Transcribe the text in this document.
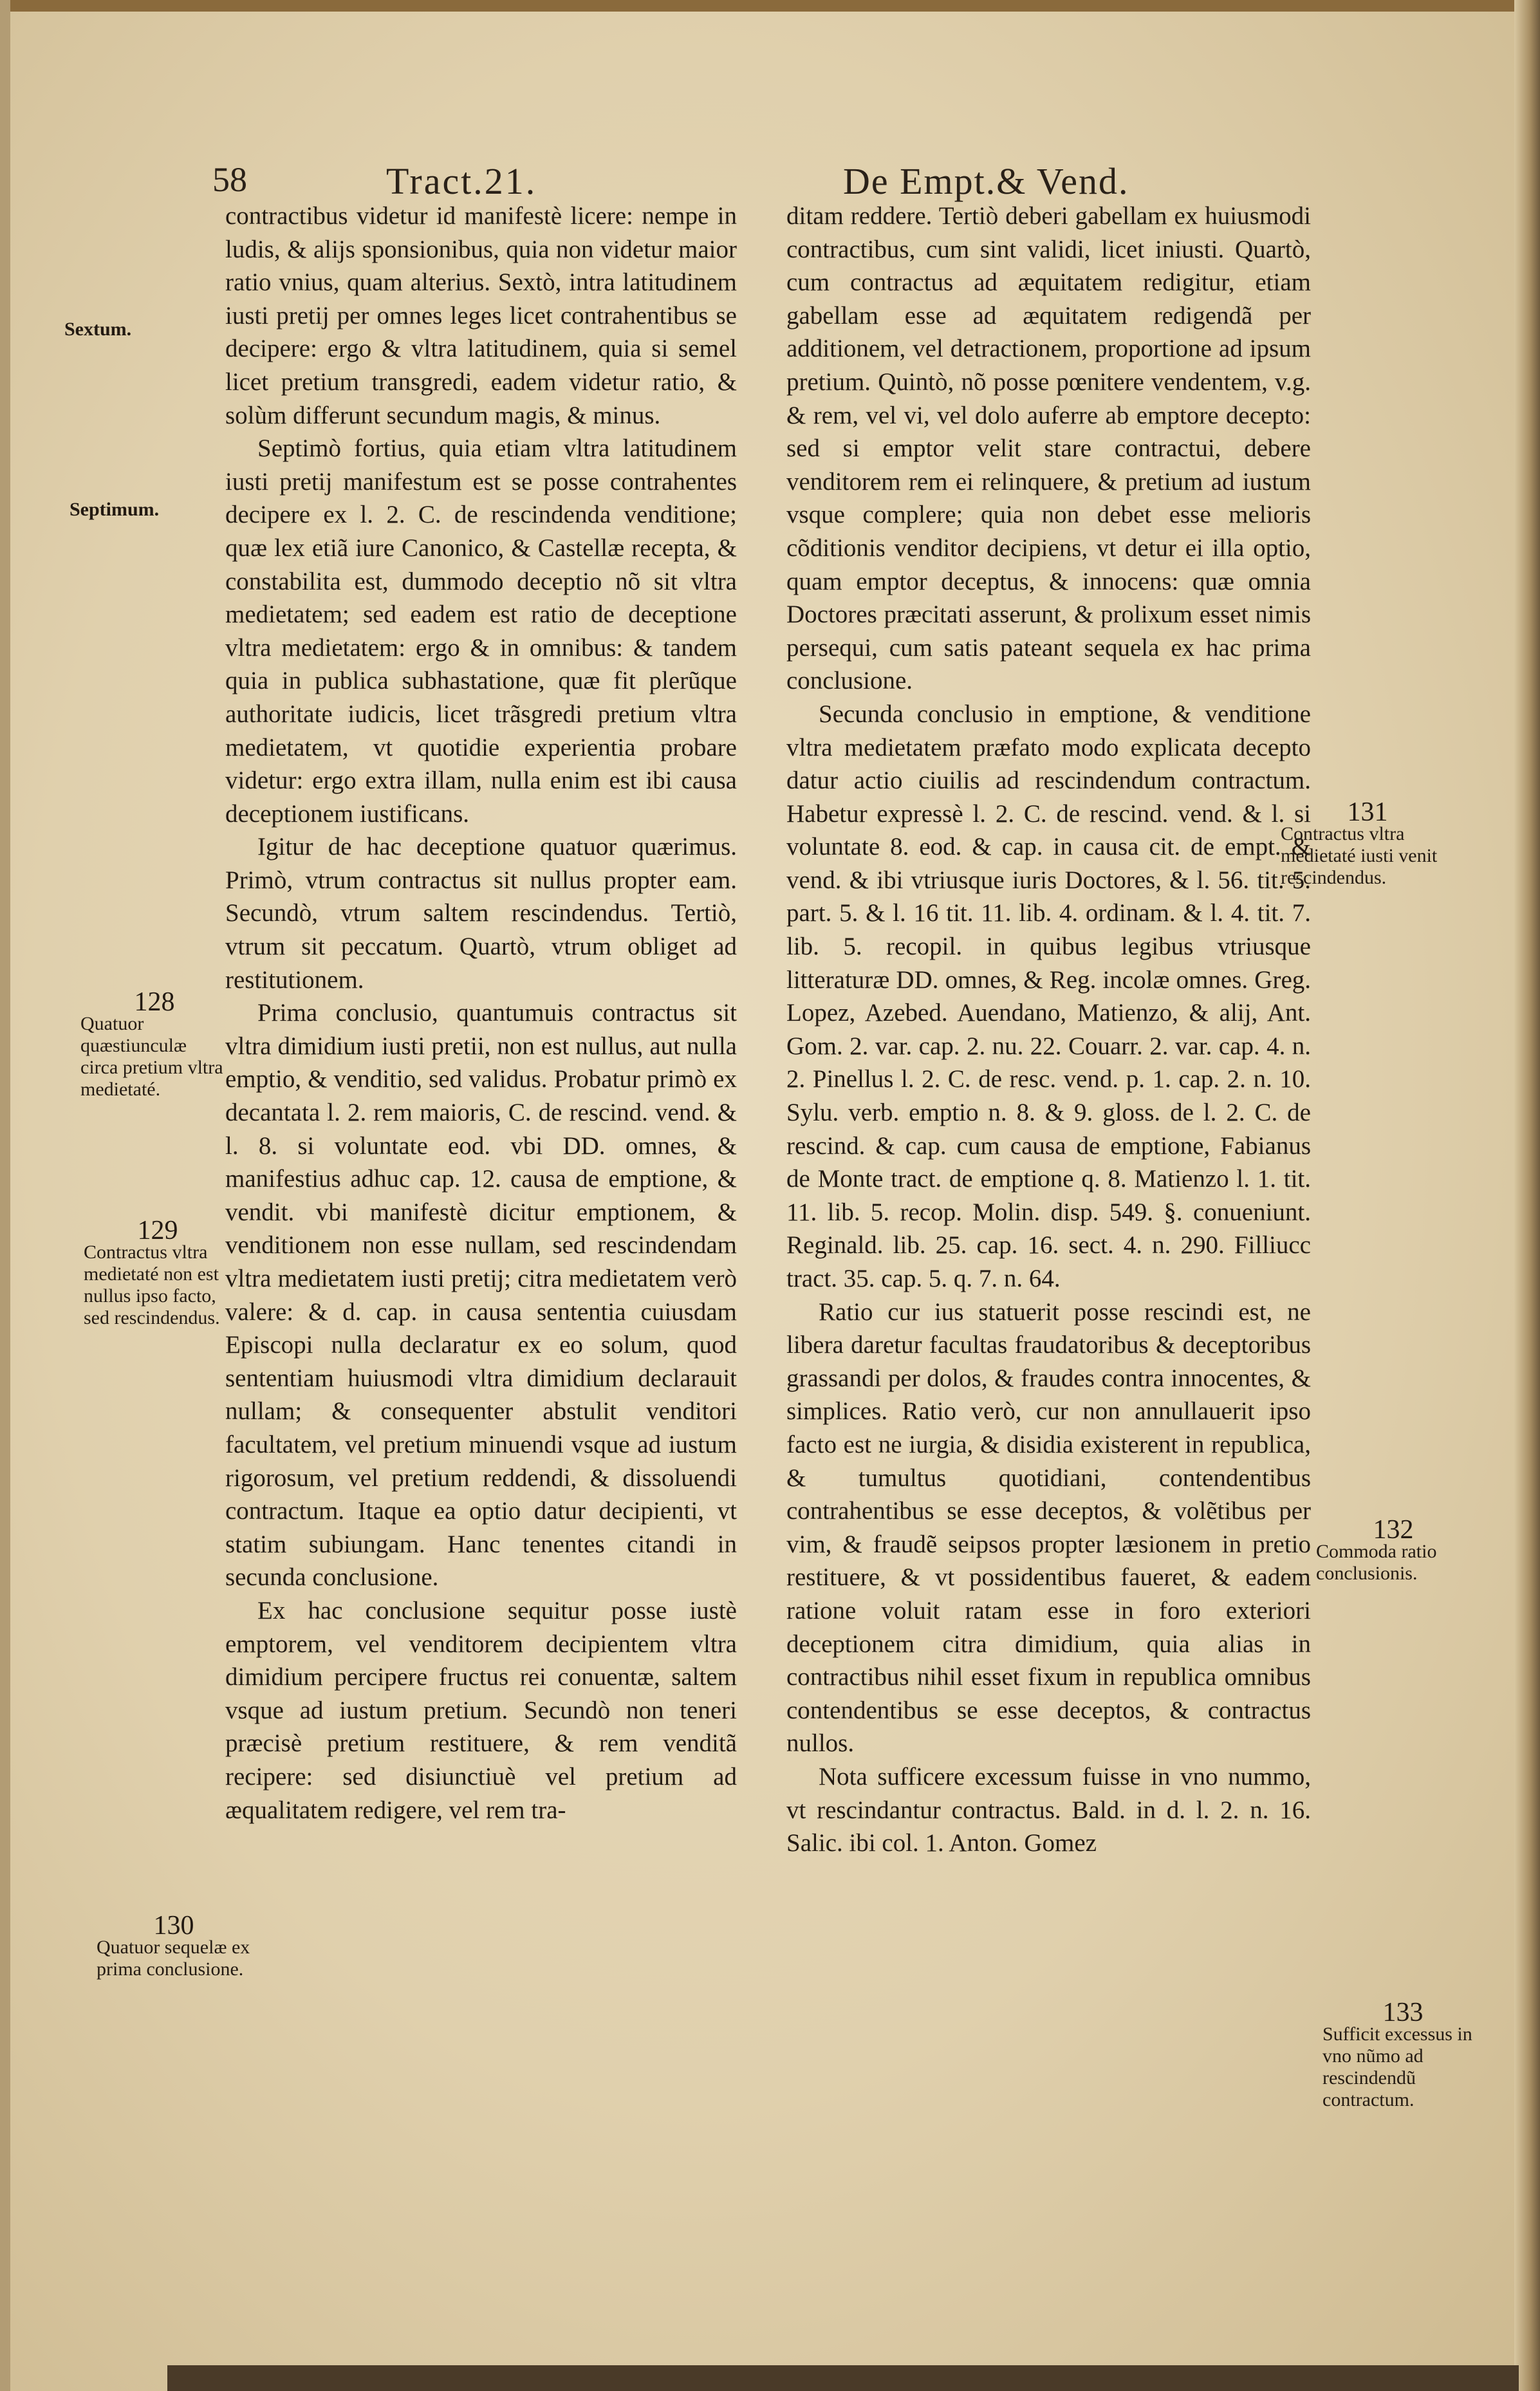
58	Tract.21.	De Empt.& Vend.

contractibus videtur id manifestè licere: nempe in ludis, & alijs sponsionibus, quia non videtur maior ratio vnius, quam alterius. Sextò, intra latitudinem iusti pretij per omnes leges licet contrahentibus se decipere: ergo & vltra latitudinem, quia si semel licet pretium transgredi, eadem videtur ratio, & solùm differunt secundum magis, & minus.

Septimò fortius, quia etiam vltra latitudinem iusti pretij manifestum est se posse contrahentes decipere ex l. 2. C. de rescindenda venditione; quæ lex etiã iure Canonico, & Castellæ recepta, & constabilita est, dummodo deceptio nõ sit vltra medietatem; sed eadem est ratio de deceptione vltra medietatem: ergo & in omnibus: & tandem quia in publica subhastatione, quæ fit plerũque authoritate iudicis, licet trãsgredi pretium vltra medietatem, vt quotidie experientia probare videtur: ergo extra illam, nulla enim est ibi causa deceptionem iustificans.

Igitur de hac deceptione quatuor quærimus. Primò, vtrum contractus sit nullus propter eam. Secundò, vtrum saltem rescindendus. Tertiò, vtrum sit peccatum. Quartò, vtrum obliget ad restitutionem.

Prima conclusio, quantumuis contractus sit vltra dimidium iusti pretii, non est nullus, aut nulla emptio, & venditio, sed validus. Probatur primò ex decantata l. 2. rem maioris, C. de rescind. vend. & l. 8. si voluntate eod. vbi DD. omnes, & manifestius adhuc cap. 12. causa de emptione, & vendit. vbi manifestè dicitur emptionem, & venditionem non esse nullam, sed rescindendam vltra medietatem iusti pretij; citra medietatem verò valere: & d. cap. in causa sententia cuiusdam Episcopi nulla declaratur ex eo solum, quod sententiam huiusmodi vltra dimidium declarauit nullam; & consequenter abstulit venditori facultatem, vel pretium minuendi vsque ad iustum rigorosum, vel pretium reddendi, & dissoluendi contractum. Itaque ea optio datur decipienti, vt statim subiungam. Hanc tenentes citandi in secunda conclusione.

Ex hac conclusione sequitur posse iustè emptorem, vel venditorem decipientem vltra dimidium percipere fructus rei conuentæ, saltem vsque ad iustum pretium. Secundò non teneri præcisè pretium restituere, & rem venditã recipere: sed disiunctiuè vel pretium ad æqualitatem redigere, vel rem tra-

ditam reddere. Tertiò deberi gabellam ex huiusmodi contractibus, cum sint validi, licet iniusti. Quartò, cum contractus ad æquitatem redigitur, etiam gabellam esse ad æquitatem redigendã per additionem, vel detractionem, proportione ad ipsum pretium. Quintò, nõ posse pœnitere vendentem, v.g. & rem, vel vi, vel dolo auferre ab emptore decepto: sed si emptor velit stare contractui, debere venditorem rem ei relinquere, & pretium ad iustum vsque complere; quia non debet esse melioris cõditionis venditor decipiens, vt detur ei illa optio, quam emptor deceptus, & innocens: quæ omnia Doctores præcitati asserunt, & prolixum esset nimis persequi, cum satis pateant sequela ex hac prima conclusione.

Secunda conclusio in emptione, & venditione vltra medietatem præfato modo explicata decepto datur actio ciuilis ad rescindendum contractum. Habetur expressè l. 2. C. de rescind. vend. & l. si voluntate 8. eod. & cap. in causa cit. de empt. & vend. & ibi vtriusque iuris Doctores, & l. 56. tit. 5. part. 5. & l. 16 tit. 11. lib. 4. ordinam. & l. 4. tit. 7. lib. 5. recopil. in quibus legibus vtriusque litteraturæ DD. omnes, & Reg. incolæ omnes. Greg. Lopez, Azebed. Auendano, Matienzo, & alij, Ant. Gom. 2. var. cap. 2. nu. 22. Couarr. 2. var. cap. 4. n. 2. Pinellus l. 2. C. de resc. vend. p. 1. cap. 2. n. 10. Sylu. verb. emptio n. 8. & 9. gloss. de l. 2. C. de rescind. & cap. cum causa de emptione, Fabianus de Monte tract. de emptione q. 8. Matienzo l. 1. tit. 11. lib. 5. recop. Molin. disp. 549. §. conueniunt. Reginald. lib. 25. cap. 16. sect. 4. n. 290. Filliucc tract. 35. cap. 5. q. 7. n. 64.

Ratio cur ius statuerit posse rescindi est, ne libera daretur facultas fraudatoribus & deceptoribus grassandi per dolos, & fraudes contra innocentes, & simplices. Ratio verò, cur non annullauerit ipso facto est ne iurgia, & disidia existerent in republica, & tumultus quotidiani, contendentibus contrahentibus se esse deceptos, & volẽtibus per vim, & fraudẽ seipsos propter læsionem in pretio restituere, & vt possidentibus faueret, & eadem ratione voluit ratam esse in foro exteriori deceptionem citra dimidium, quia alias in contractibus nihil esset fixum in republica omnibus contendentibus se esse deceptos, & contractus nullos.

Nota sufficere excessum fuisse in vno nummo, vt rescindantur contractus. Bald. in d. l. 2. n. 16. Salic. ibi col. 1. Anton. Gomez

Sextum.
Septimum.
128
Quatuor quæstiunculæ circa pretium vltra medietaté.
129
Contractus vltra medietaté non est nullus ipso facto, sed rescindendus.
130
Quatuor sequelæ ex prima conclusione.
131
Contractus vltra medietaté iusti venit rescindendus.
132
Commoda ratio conclusionis.
133
Sufficit excessus in vno nũmo ad rescindendũ contractum.
